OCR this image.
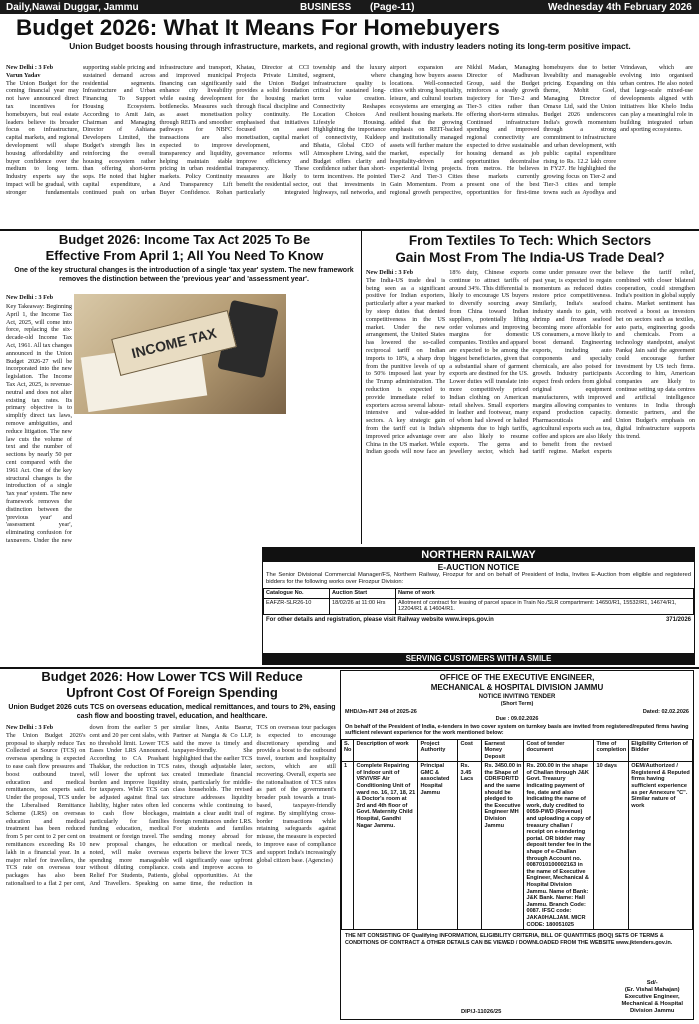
Daily,Nawai Duggar, Jammu	BUSINESS (Page-11)	Wednesday 4th February 2026
Budget 2026: What It Means For Homebuyers
Union Budget boosts housing through infrastructure, markets, and regional growth, with industry leaders noting its long-term positive impact.

New Delhi : 3 Feb

Varun Yadav

The Union Budget for the coming financial year may not have announced direct tax incentives for homebuyers, but real estate leaders believe its broader focus on infrastructure, capital markets, and regional development will shape housing affordability and buyer confidence over the medium to long term. Industry experts say the impact will be gradual, with stronger fundamentals supporting stable pricing and sustained demand across residential segments. Infrastructure and Urban Financing To Support Housing Ecosystem. According to Amit Jain, Chairman and Managing Director of Ashiana Developers Limited, the Budget's strength lies in reinforcing the overall housing ecosystem rather than offering short-term sops. He noted that higher capital expenditure, a continued push on urban infrastructure and transport, and improved municipal financing can significantly enhance city liveability while easing development bottlenecks. Measures such as asset monetisation through REITs and smoother pathways for NBFC transactions are also expected to improve transparency and liquidity, helping maintain stable pricing in urban residential markets. Policy Continuity And Transparency Lift Buyer Confidence. Rohan Khatau, Director at CCI Projects Private Limited, said the Union Budget provides a solid foundation for the housing market through fiscal discipline and policy continuity. He emphasised that initiatives focused on asset monetisation, capital market development, and governance reforms will improve efficiency and transparency. These measures are likely to benefit the residential sector, particularly integrated township and the luxury segment, where infrastructure quality is critical for sustained long-term value creation. Connectivity Reshapes Location Choices And Lifestyle Housing. Highlighting the importance of connectivity, Kuldeep Bhatia, Global CEO of Atmosphere Living, said the Budget offers clarity and confidence rather than short-term incentives. He pointed out that investments in highways, rail networks, and airport expansion are changing how buyers assess locations. Well-connected cities with strong hospitality, leisure, and cultural tourism ecosystems are emerging as resilient housing markets. He added that the growing emphasis on REIT-backed and institutionally managed assets will further mature the market, especially for hospitality-driven and experiential living projects. Tier-2 And Tier-3 Cities Gain Momentum. From a regional growth perspective, Nikhil Madan, Managing Director of Madhuvan Group, said the Budget reinforces a steady growth trajectory for Tier-2 and Tier-3 cities rather than offering short-term stimulus. Continued infrastructure spending and improved regional connectivity are expected to drive sustainable housing demand as job opportunities decentralise from metros. He believes these markets currently present one of the best opportunities for first-time homebuyers due to better liveability and manageable pricing. Expanding on this theme, Mohit Goel, Managing Director of Omaxe Ltd, said the Union Budget 2026 underscores India's growth momentum through a strong commitment to infrastructure and urban development, with public capital expenditure rising to Rs. 12.2 lakh crore in FY27. He highlighted the growing focus on Tier-2 and Tier-3 cities and temple towns such as Ayodhya and Vrindavan, which are evolving into organised urban centres. He also noted that large-scale mixed-use developments aligned with initiatives like Khelo India can play a meaningful role in building integrated urban and sporting ecosystems.

Budget 2026: Income Tax Act 2025 To Be
Effective From April 1; All You Need To Know
One of the key structural changes is the introduction of a single 'tax year' system. The new framework removes the distinction between the 'previous year' and 'assessment year'.

New Delhi : 3 Feb

INCOME TAX

Key Takeaway: Beginning April 1, the Income Tax Act, 2025, will come into force, replacing the six-decade-old Income Tax Act, 1961. All tax changes announced in the Union Budget 2026-27 will be incorporated into the new legislation. The Income Tax Act, 2025, is revenue-neutral and does not alter existing tax rates. Its primary objective is to simplify direct tax laws, remove ambiguities, and reduce litigation. The new law cuts the volume of text and the number of sections by nearly 50 per cent compared with the 1961 Act. One of the key structural changes is the introduction of a single 'tax year' system. The new framework removes the distinction between the 'previous year' and 'assessment year', eliminating confusion for taxpayers. Under the new

From Textiles To Tech: Which Sectors
Gain Most From The India-US Trade Deal?

New Delhi : 3 Feb

The India-US trade deal is being seen as a significant positive for Indian exporters, particularly after a year marked by steep duties that dented competitiveness in the US market. Under the new arrangement, the United States has lowered the so-called reciprocal tariff on Indian imports to 18%, a sharp drop from the punitive levels of up to 50% imposed last year by the Trump administration. The reduction is expected to provide immediate relief to exporters across several labour-intensive and value-added sectors. A key strategic gain from the tariff cut is India's improved price advantage over China in the US market. While Indian goods will now face an 18% duty, Chinese exports continue to attract tariffs of around 34%. This differential is likely to encourage US buyers to diversify sourcing away from China toward Indian suppliers, potentially lifting order volumes and improving margins for domestic companies. Textiles and apparel are expected to be among the biggest beneficiaries, given that a substantial share of garment exports are destined for the US. Lower duties will translate into more competitively priced Indian clothing on American retail shelves. Small exporters in leather and footwear, many of whom had slowed or halted shipments due to high tariffs, are also likely to resume exports. The gems and jewellery sector, which had come under pressure over the past year, is expected to regain momentum as reduced duties restore price competitiveness. Similarly, India's seafood industry stands to gain, with shrimp and frozen seafood becoming more affordable for US consumers, a move likely to boost demand. Engineering exports, including auto components and specialty chemicals, are also poised for growth. Industry participants expect fresh orders from global original equipment manufacturers, with improved margins allowing companies to expand production capacity. Pharmaceuticals and agricultural exports such as tea, coffee and spices are also likely to benefit from the revised tariff regime. Market experts believe the tariff relief, combined with closer bilateral cooperation, could strengthen India's position in global supply chains. Market sentiment has received a boost as investors bet on sectors such as textiles, auto parts, engineering goods and chemicals. From a technology standpoint, analyst Pankaj Jain said the agreement could encourage further investment by US tech firms. According to him, American companies are likely to continue setting up data centres and artificial intelligence ventures in India through domestic partners, and the Union Budget's emphasis on digital infrastructure supports this trend.

NORTHERN RAILWAY
E-AUCTION NOTICE
The Senior Divisional Commercial Manager/FS, Northern Railway, Firozpur for and on behalf of President of India, Invites E-Auction from eligible and registered bidders for the following works over Firozpur Division:
Catalogue No.	Auction Start	Name of work
EAFZR-SLR26-10	18/02/26 at 11:00 Hrs	Allotment of contract for leasing of parcel space in Train No./SLR compartment: 14650/R1, 15532/R1, 14674/R1, 12204/R1 & 14604/R1.
For other details and registration, please visit Railway website www.ireps.gov.in	371/2026
SERVING CUSTOMERS WITH A SMILE
Budget 2026: How Lower TCS Will Reduce
Upfront Cost Of Foreign Spending
Union Budget 2026 cuts TCS on overseas education, medical remittances, and tours to 2%, easing cash flow and boosting travel, education, and healthcare.

New Delhi : 3 Feb

The Union Budget 2026's proposal to sharply reduce Tax Collected at Source (TCS) on overseas spending is expected to ease cash flow pressures and boost outbound travel, education and medical remittances, tax experts said. Under the proposal, TCS under the Liberalised Remittance Scheme (LRS) on overseas education and medical treatment has been reduced from 5 per cent to 2 per cent on remittances exceeding Rs 10 lakh in a financial year. In a major relief for travellers, the TCS rate on overseas tour packages has also been rationalised to a flat 2 per cent, down from the earlier 5 per cent and 20 per cent slabs, with no threshold limit. Lower TCS Eases Under LRS Announced. According to CA Prashant Thakkar, the reduction in TCS will lower the upfront tax burden and improve liquidity for taxpayers. While TCS can be adjusted against final tax liability, higher rates often led to cash flow blockages, particularly for families funding education, medical treatment or foreign travel. The new proposal changes, he noted, will make overseas spending more manageable without diluting compliance. Relief For Students, Patients, And Travellers. Speaking on similar lines, Anita Basrur, Partner at Nangia & Co LLP, said the move is timely and taxpayer-friendly. She highlighted that the earlier TCS rates, though adjustable later, created immediate financial strain, particularly for middle-class households. The revised structure addresses liquidity concerns while continuing to maintain a clear audit trail of foreign remittances under LRS. For students and families sending money abroad for education or medical needs, experts believe the lower TCS will significantly ease upfront costs and improve access to global opportunities. At the same time, the reduction in TCS on overseas tour packages is expected to encourage discretionary spending and provide a boost to the outbound travel, tourism and hospitality sectors, which are still recovering. Overall, experts see the rationalisation of TCS rates as part of the government's broader push towards a trust-based, taxpayer-friendly regime. By simplifying cross-border transactions while retaining safeguards against misuse, the measure is expected to improve ease of compliance and support India's increasingly global citizen base. (Agencies)

OFFICE OF THE EXECUTIVE ENGINEER,
MECHANICAL & HOSPITAL DIVISION JAMMU
NOTICE INVITING TENDER
(Short Term)
MHD/Jm-NIT 248 of 2025-26	Dated: 02.02.2026
Due : 09.02.2026
On behalf of the President of India, e-tenders in two cover system on turnkey basis are invited from registered/reputed firms having sufficient relevant experience for the work mentioned below:
S. No	Description of work	Project Authority	Cost	Earnest Money Deposit	Cost of tender document	Time of completion	Eligibility Criterion of Bidder
1	Complete Repairing of Indoor unit of VRV/VRF Air Conditioning Unit of ward no. 16, 17, 18, 21 & Doctor's room at 3rd and 4th floor of Govt. Maternity Child Hospital, Gandhi Nagar Jammu.	Principal GMC & associated Hospital Jammu	Rs. 3.45 Lacs	Rs. 3450.00 in the Shape of CDR/FDR/TD and the same should be pledged to the Executive Engineer MH Division Jammu	Rs. 200.00 in the shape of Challan through J&K Govt. Treasury indicating payment of fee, date and also indicating the name of work, duly credited to 0059-PWD (Revenue) and uploading a copy of treasury challan / receipt on e-tendering portal. OR bidder may deposit tender fee in the shape of e-Challan through Account no. 0087010100002163 in the name of Executive Engineer, Mechanical & Hospital Division Jammu. Name of Bank: J&K Bank. Name: Hall Jammu. Branch Code: 0087. IFSC code: JAKA0HALJAM. MICR CODE: 180051025	10 days	OEM/Authorized / Registered & Reputed firms having sufficient experience as per Annexure "C". Similar nature of work
THE NIT CONSISTING OF Qualifying INFORMATION, ELIGIBILITY CRITERIA, BILL OF QUANTITIES (BOQ) SETS OF TERMS & CONDITIONS OF CONTRACT & OTHER DETAILS CAN BE VIEWED / DOWNLOADED FROM THE WEBSITE www.jktenders.gov.in.
Sd/-
(Er. Vishal Mahajan)
Executive Engineer,
Mechanical & Hospital
Division Jammu
DIP/J-11026/25
